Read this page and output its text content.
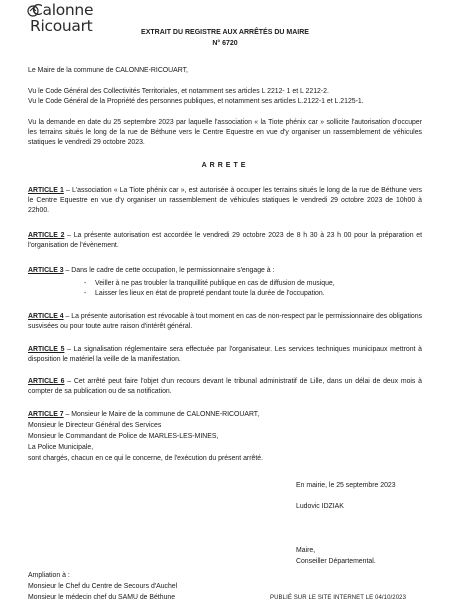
Calonne
Ricouart	EXTRAIT DU REGISTRE AUX ARRÊTÉS DU MAIRE
N° 6720

Le Maire de la commune de CALONNE-RICOUART,

Vu le Code Général des Collectivités Territoriales, et notamment ses articles L 2212- 1 et L 2212-2.

Vu le Code Général de la Propriété des personnes publiques, et notamment ses articles L.2122-1 et L.2125-1.

Vu la demande en date du 25 septembre 2023 par laquelle l'association « la Tiote phénix car » sollicite l'autorisation d'occuper les terrains situés le long de la rue de Béthune vers le Centre Equestre en vue d'y organiser un rassemblement de véhicules statiques le vendredi 29 octobre 2023.

ARRETE

ARTICLE 1 – L'association « La Tiote phénix car », est autorisée à occuper les terrains situés le long de la rue de Béthune vers le Centre Equestre en vue d'y organiser un rassemblement de véhicules statiques le vendredi 29 octobre 2023 de 10h00 à 22h00.

ARTICLE 2 – La présente autorisation est accordée le vendredi 29 octobre 2023 de 8 h 30 à 23 h 00 pour la préparation et l'organisation de l'évènement.

ARTICLE 3 – Dans le cadre de cette occupation, le permissionnaire s'engage à :

- Veiller à ne pas troubler la tranquillité publique en cas de diffusion de musique,

- Laisser les lieux en état de propreté pendant toute la durée de l'occupation.

ARTICLE 4 – La présente autorisation est révocable à tout moment en cas de non-respect par le permissionnaire des obligations susvisées ou pour toute autre raison d'intérêt général.

ARTICLE 5 – La signalisation réglementaire sera effectuée par l'organisateur. Les services techniques municipaux mettront à disposition le matériel la veille de la manifestation.

ARTICLE 6 – Cet arrêté peut faire l'objet d'un recours devant le tribunal administratif de Lille, dans un délai de deux mois à compter de sa publication ou de sa notification.

ARTICLE 7 – Monsieur le Maire de la commune de CALONNE-RICOUART,

Monsieur le Directeur Général des Services

Monsieur le Commandant de Police de MARLES-LES-MINES,

La Police Municipale,

sont chargés, chacun en ce qui le concerne, de l'exécution du présent arrêté.

En mairie, le 25 septembre 2023

Ludovic IDZIAK

Maire,

Conseiller Départemental.

Ampliation à :

Monsieur le Chef du Centre de Secours d'Auchel

Monsieur le médecin chef du SAMU de Béthune	PUBLIÉ SUR LE SITE INTERNET LE 04/10/2023
